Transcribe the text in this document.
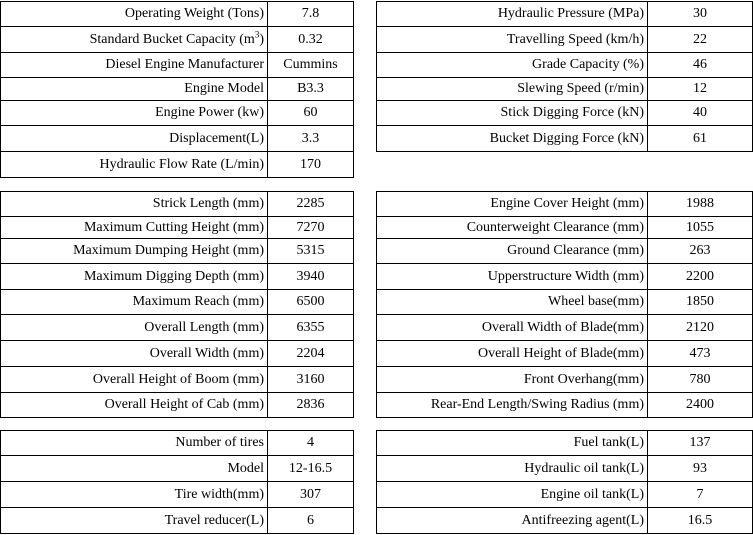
Operating Weight (Tons)	7.8
Standard Bucket Capacity $(m^3)$	0.32
Diesel Engine Manufacturer	Cummins
Engine Model	B3.3
Engine Power (kw)	60
Displacement(L)	3.3
Hydraulic Flow Rate (L/min)	170
Hydraulic Pressure (MPa)	30
Travelling Speed (km/h)	22
Grade Capacity (%)	46
Slewing Speed (r/min)	12
Stick Digging Force (kN)	40
Bucket Digging Force (kN)	61
Strick Length (mm)	2285
Maximum Cutting Height (mm)	7270
Maximum Dumping Height (mm)	5315
Maximum Digging Depth (mm)	3940
Maximum Reach (mm)	6500
Overall Length (mm)	6355
Overall Width (mm)	2204
Overall Height of Boom (mm)	3160
Overall Height of Cab (mm)	2836
Engine Cover Height (mm)	1988
Counterweight Clearance (mm)	1055
Ground Clearance (mm)	263
Upperstructure Width (mm)	2200
Wheel base(mm)	1850
Overall Width of Blade(mm)	2120
Overall Height of Blade(mm)	473
Front Overhang(mm)	780
Rear-End Length/Swing Radius (mm)	2400
Number of tires	4
Model	12-16.5
Tire width(mm)	307
Travel reducer(L)	6
Fuel tank(L)	137
Hydraulic oil tank(L)	93
Engine oil tank(L)	7
Antifreezing agent(L)	16.5
